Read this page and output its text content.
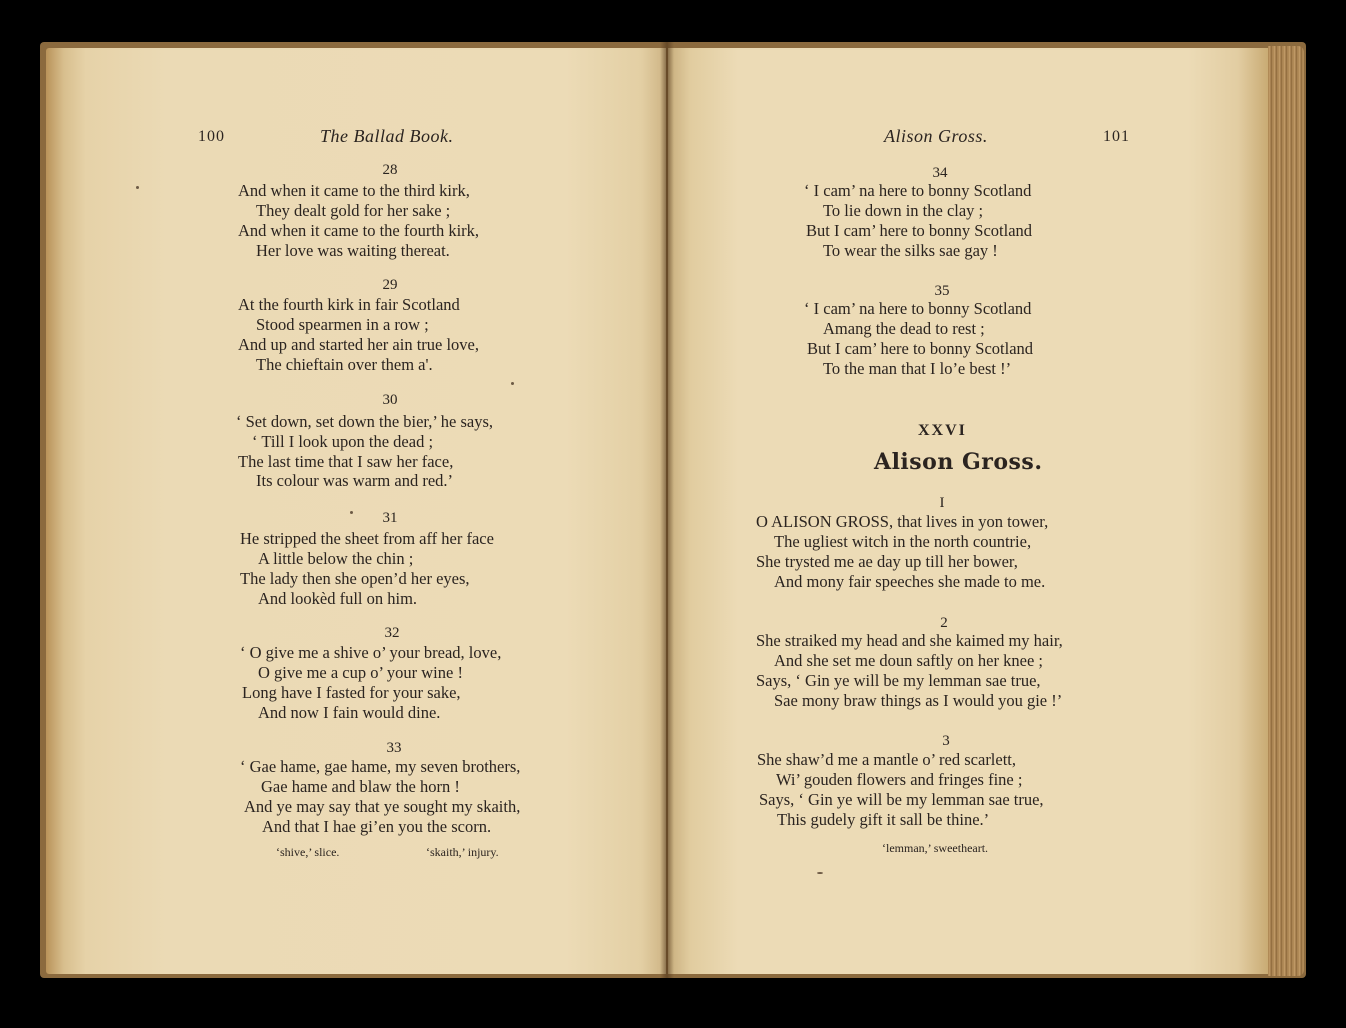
100	The Ballad Book.
28
And when it came to the third kirk,
They dealt gold for her sake ;
And when it came to the fourth kirk,
Her love was waiting thereat.
29
At the fourth kirk in fair Scotland
Stood spearmen in a row ;
And up and started her ain true love,
The chieftain over them a'.
30
‘ Set down, set down the bier,’ he says,
‘ Till I look upon the dead ;
The last time that I saw her face,
Its colour was warm and red.’
31
He stripped the sheet from aff her face
A little below the chin ;
The lady then she open’d her eyes,
And lookèd full on him.
32
‘ O give me a shive o’ your bread, love,
O give me a cup o’ your wine !
Long have I fasted for your sake,
And now I fain would dine.
33
‘ Gae hame, gae hame, my seven brothers,
Gae hame and blaw the horn !
And ye may say that ye sought my skaith,
And that I hae gi’en you the scorn.
‘shive,’ slice.	‘skaith,’ injury.
Alison Gross.	101
34
‘ I cam’ na here to bonny Scotland
To lie down in the clay ;
But I cam’ here to bonny Scotland
To wear the silks sae gay !
35
‘ I cam’ na here to bonny Scotland
Amang the dead to rest ;
But I cam’ here to bonny Scotland
To the man that I lo’e best !’
XXVI
Alison Gross.
I
O ALISON GROSS, that lives in yon tower,
The ugliest witch in the north countrie,
She trysted me ae day up till her bower,
And mony fair speeches she made to me.
2
She straiked my head and she kaimed my hair,
And she set me doun saftly on her knee ;
Says, ‘ Gin ye will be my lemman sae true,
Sae mony braw things as I would you gie !’
3
She shaw’d me a mantle o’ red scarlett,
Wi’ gouden flowers and fringes fine ;
Says, ‘ Gin ye will be my lemman sae true,
This gudely gift it sall be thine.’
‘lemman,’ sweetheart.
